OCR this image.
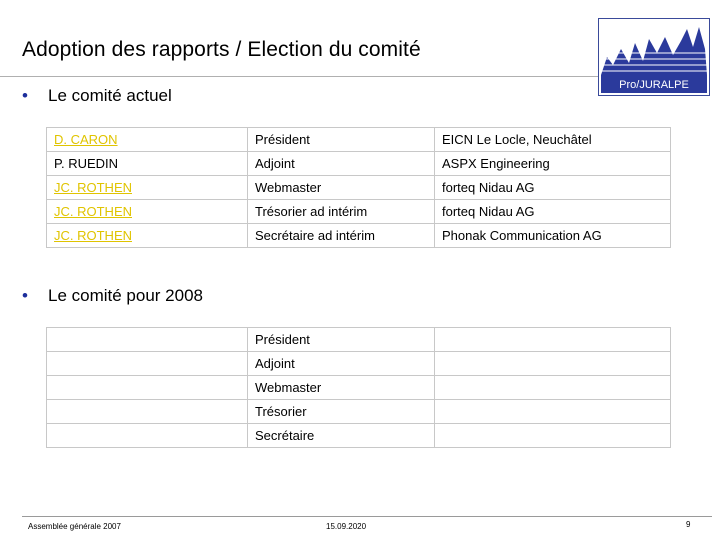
Adoption des rapports / Election du comité
Pro/JURALPE
• Le comité actuel
D. CARON	Président	EICN Le Locle, Neuchâtel
P. RUEDIN	Adjoint	ASPX Engineering
JC. ROTHEN	Webmaster	forteq Nidau AG
JC. ROTHEN	Trésorier ad intérim	forteq Nidau AG
JC. ROTHEN	Secrétaire ad intérim	Phonak Communication AG
• Le comité pour 2008
	Président	
	Adjoint	
	Webmaster	
	Trésorier	
	Secrétaire	
Assemblée générale 2007	15.09.2020	9
